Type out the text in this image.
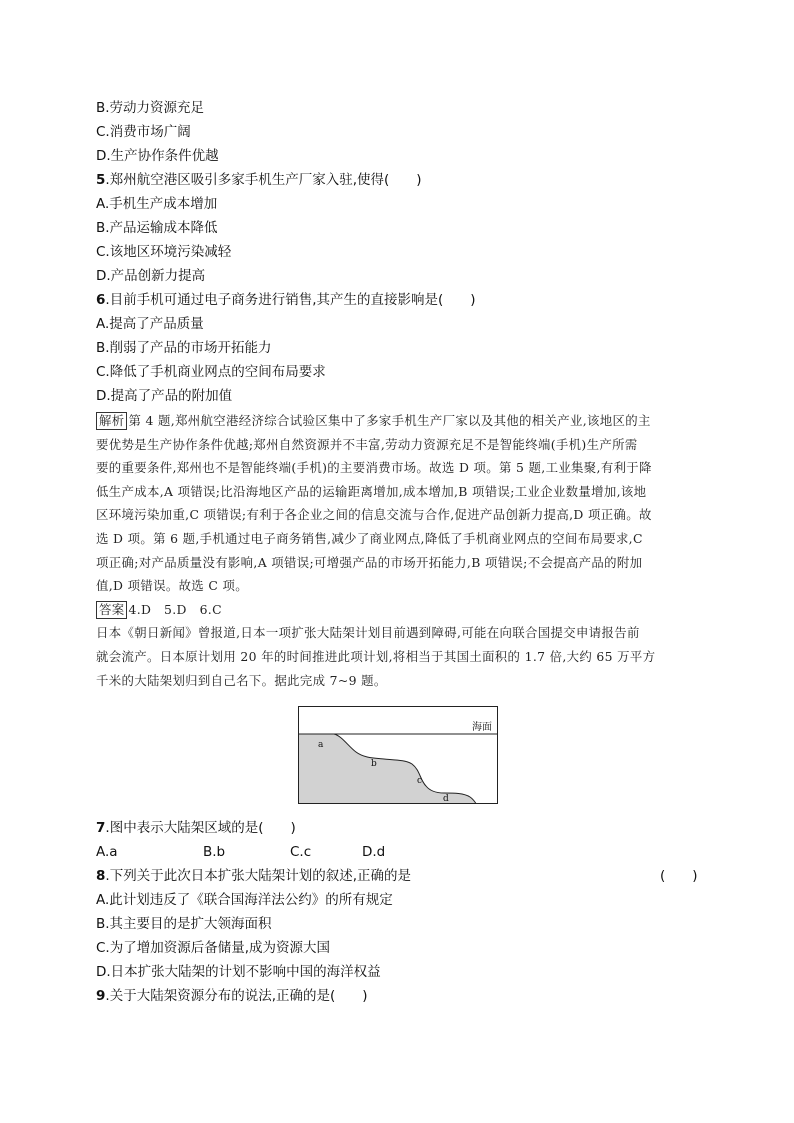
B.劳动力资源充足
C.消费市场广阔
D.生产协作条件优越
5.郑州航空港区吸引多家手机生产厂家入驻,使得(　　)
A.手机生产成本增加
B.产品运输成本降低
C.该地区环境污染减轻
D.产品创新力提高
6.目前手机可通过电子商务进行销售,其产生的直接影响是(　　)
A.提高了产品质量
B.削弱了产品的市场开拓能力
C.降低了手机商业网点的空间布局要求
D.提高了产品的附加值
解析 第 4 题,郑州航空港经济综合试验区集中了多家手机生产厂家以及其他的相关产业,该地区的主
要优势是生产协作条件优越;郑州自然资源并不丰富,劳动力资源充足不是智能终端(手机)生产所需
要的重要条件,郑州也不是智能终端(手机)的主要消费市场。故选 D 项。第 5 题,工业集聚,有利于降
低生产成本,A 项错误;比沿海地区产品的运输距离增加,成本增加,B 项错误;工业企业数量增加,该地
区环境污染加重,C 项错误;有利于各企业之间的信息交流与合作,促进产品创新力提高,D 项正确。故
选 D 项。第 6 题,手机通过电子商务销售,减少了商业网点,降低了手机商业网点的空间布局要求,C
项正确;对产品质量没有影响,A 项错误;可增强产品的市场开拓能力,B 项错误;不会提高产品的附加
值,D 项错误。故选 C 项。
答案 4.D　5.D　6.C
日本《朝日新闻》曾报道,日本一项扩张大陆架计划目前遇到障碍,可能在向联合国提交申请报告前
就会流产。日本原计划用 20 年的时间推进此项计划,将相当于其国土面积的 1.7 倍,大约 65 万平方
千米的大陆架划归到自己名下。据此完成 7~9 题。
海面
a
b
c
d
7.图中表示大陆架区域的是(　　)
A.a	B.b	C.c	D.d
8.下列关于此次日本扩张大陆架计划的叙述,正确的是	(　　)
A.此计划违反了《联合国海洋法公约》的所有规定
B.其主要目的是扩大领海面积
C.为了增加资源后备储量,成为资源大国
D.日本扩张大陆架的计划不影响中国的海洋权益
9.关于大陆架资源分布的说法,正确的是(　　)
